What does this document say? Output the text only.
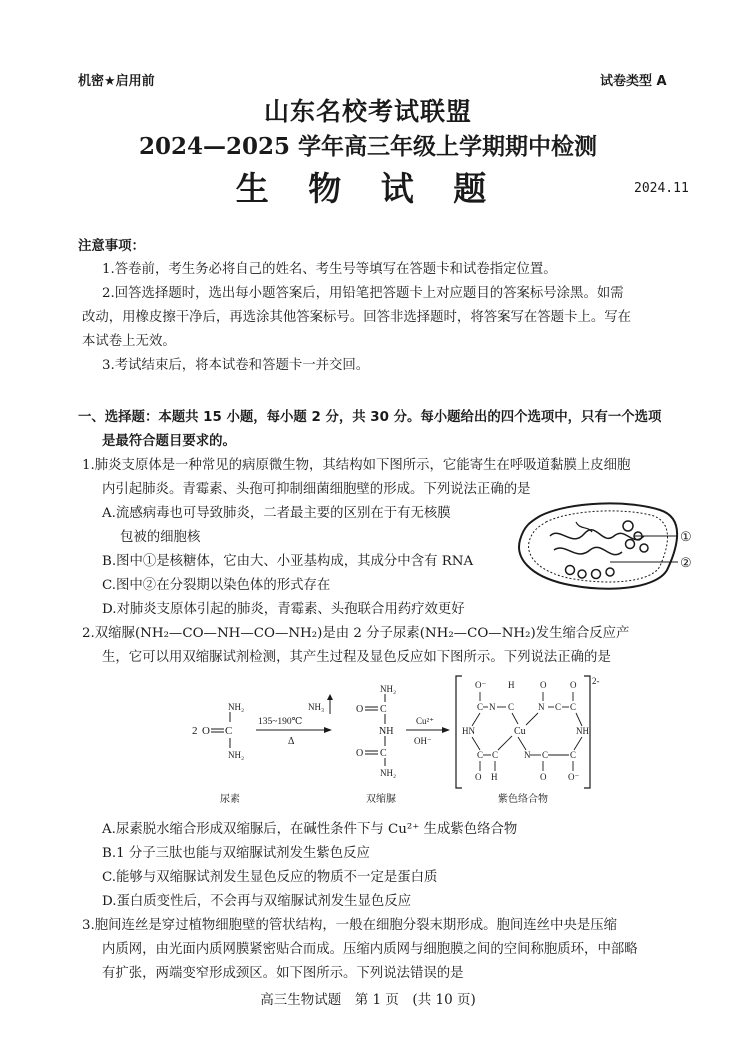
机密★启用前	试卷类型 A
山东名校考试联盟
2024—2025 学年高三年级上学期期中检测
生 物 试 题	2024.11
注意事项：
1.答卷前，考生务必将自己的姓名、考生号等填写在答题卡和试卷指定位置。
2.回答选择题时，选出每小题答案后，用铅笔把答题卡上对应题目的答案标号涂黑。如需
改动，用橡皮擦干净后，再选涂其他答案标号。回答非选择题时，将答案写在答题卡上。写在
本试卷上无效。
3.考试结束后，将本试卷和答题卡一并交回。
一、选择题：本题共 15 小题，每小题 2 分，共 30 分。每小题给出的四个选项中，只有一个选项
是最符合题目要求的。
1.肺炎支原体是一种常见的病原微生物，其结构如下图所示，它能寄生在呼吸道黏膜上皮细胞
内引起肺炎。青霉素、头孢可抑制细菌细胞壁的形成。下列说法正确的是
A.流感病毒也可导致肺炎，二者最主要的区别在于有无核膜
包被的细胞核
B.图中①是核糖体，它由大、小亚基构成，其成分中含有 RNA
C.图中②在分裂期以染色体的形式存在
D.对肺炎支原体引起的肺炎，青霉素、头孢联合用药疗效更好
①
②
2.双缩脲(NH₂—CO—NH—CO—NH₂)是由 2 分子尿素(NH₂—CO—NH₂)发生缩合反应产
生，它可以用双缩脲试剂检测，其产生过程及显色反应如下图所示。下列说法正确的是
2 O C
NH₂
NH₂
135~190℃
Δ
NH₃
NH₂
O C
NH
O C
NH₂
Cu²⁺
OH⁻
2-
O⁻ H	O	O
C N C	N C C
HN	Cu	NH
C C	N C C
O H	O O⁻
尿素	双缩脲	紫色络合物
A.尿素脱水缩合形成双缩脲后，在碱性条件下与 Cu²⁺ 生成紫色络合物
B.1 分子三肽也能与双缩脲试剂发生紫色反应
C.能够与双缩脲试剂发生显色反应的物质不一定是蛋白质
D.蛋白质变性后，不会再与双缩脲试剂发生显色反应
3.胞间连丝是穿过植物细胞壁的管状结构，一般在细胞分裂末期形成。胞间连丝中央是压缩
内质网，由光面内质网膜紧密贴合而成。压缩内质网与细胞膜之间的空间称胞质环，中部略
有扩张，两端变窄形成颈区。如下图所示。下列说法错误的是
高三生物试题　第 1 页　(共 10 页)
